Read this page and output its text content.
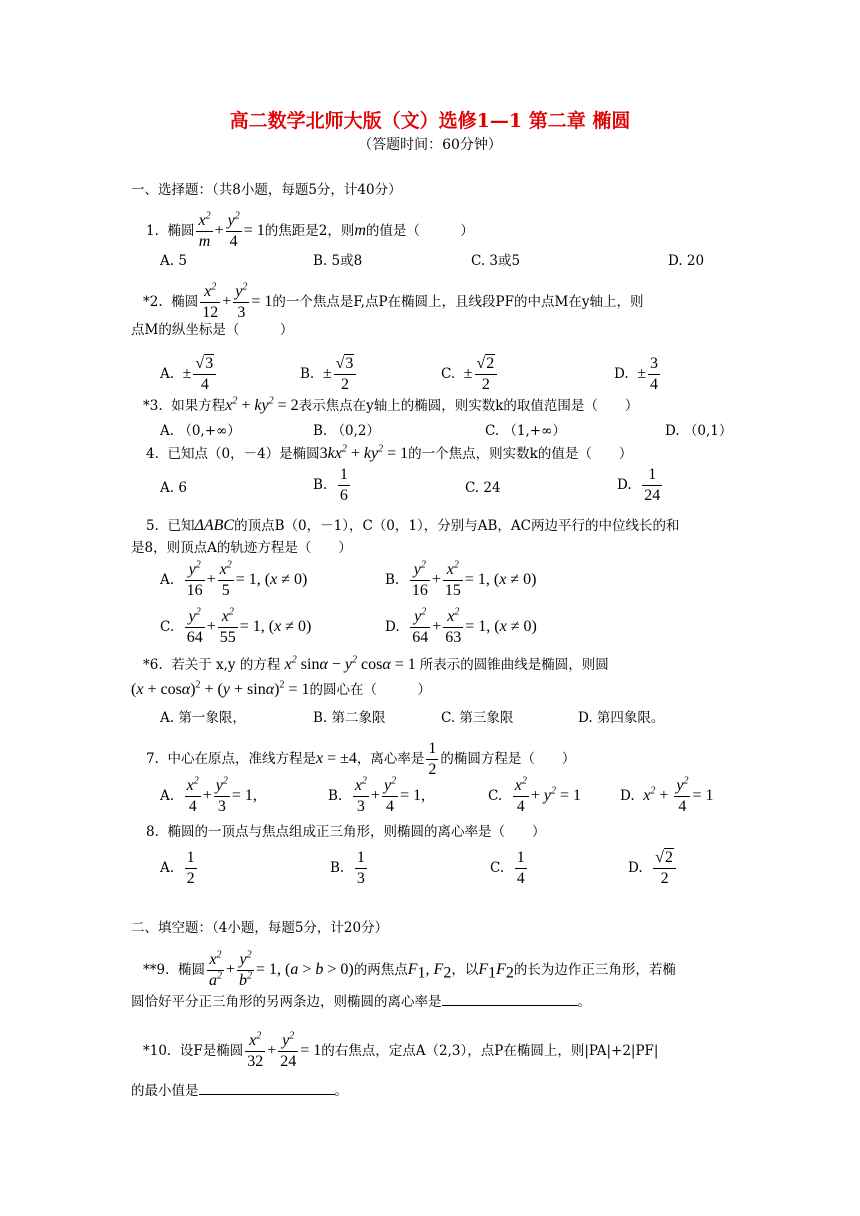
高二数学北师大版（文）选修1—1 第二章 椭圆
（答题时间：60分钟）
一、选择题：（共8小题，每题5分，计40分）
1. 椭圆 $\frac{x^2}{m} + \frac{y^2}{4} = 1$的焦距是2，则m的值是（　　　）
A. 5	B. 5或8	C. 3或5	D. 20
*2. 椭圆 $\frac{x^2}{12} + \frac{y^2}{3} = 1$的一个焦点是F,点P在椭圆上，且线段PF的中点M在y轴上，则
点M的纵坐标是（　　　）
A. ± $\frac{√3}{4}$	B. ± $\frac{√3}{2}$	C. ± $\frac{√2}{2}$	D. ± $\frac{3}{4}$
*3. 如果方程$x^2 + ky^2 = 2$表示焦点在y轴上的椭圆，则实数k的取值范围是（　　）
A. （0,+∞）	B. （0,2）	C. （1,+∞）	D. （0,1）
4. 已知点（0，－4）是椭圆$3kx^2 + ky^2 = 1$的一个焦点，则实数k的值是（　　）
A. 6	B. $\frac{1}{6}$	C. 24	D. $\frac{1}{24}$
5. 已知ΔABC的顶点B（0，－1），C（0，1），分别与AB，AC两边平行的中位线长的和
是8，则顶点A的轨迹方程是（　　）
A. $\frac{y^2}{16} + \frac{x^2}{5} = 1$, (x ≠ 0)	B. $\frac{y^2}{16} + \frac{x^2}{15} = 1$, (x ≠ 0)
C. $\frac{y^2}{64} + \frac{x^2}{55} = 1$, (x ≠ 0)	D. $\frac{y^2}{64} + \frac{x^2}{63} = 1$, (x ≠ 0)
*6. 若关于 x,y 的方程 $x^2$ $\sin\alpha - y^2$ cosα = 1 所表示的圆锥曲线是椭圆，则圆
$(x + \cos\alpha)^2 + (y + \sin\alpha)^2 = 1$的圆心在（　　　）
A. 第一象限，	B. 第二象限	C. 第三象限	D. 第四象限。
7. 中心在原点，准线方程是x = ±4，离心率是 $\frac{1}{2}$ 的椭圆方程是（　　）
A. $\frac{x^2}{4} + \frac{y^2}{3} = 1$,	B. $\frac{x^2}{3} + \frac{y^2}{4} = 1$,	C. $\frac{x^2}{4} + y^2 = 1$	D. $x^2 + \frac{y^2}{4} = 1$
8. 椭圆的一顶点与焦点组成正三角形，则椭圆的离心率是（　　）
A. $\frac{1}{2}$	B. $\frac{1}{3}$	C. $\frac{1}{4}$	D. $\frac{√2}{2}$
二、填空题：（4小题，每题5分，计20分）
**9. 椭圆 $\frac{x^2}{a^2} + \frac{y^2}{b^2} = 1$, (a > b > 0)的两焦点$F_1$, $F_2$，以$F_1F_2$的长为边作正三角形，若椭
圆恰好平分正三角形的另两条边，则椭圆的离心率是	。
*10. 设F是椭圆 $\frac{x^2}{32} + \frac{y^2}{24} = 1$的右焦点，定点A（2,3），点P在椭圆上，则|PA|+2|PF|
的最小值是	。
